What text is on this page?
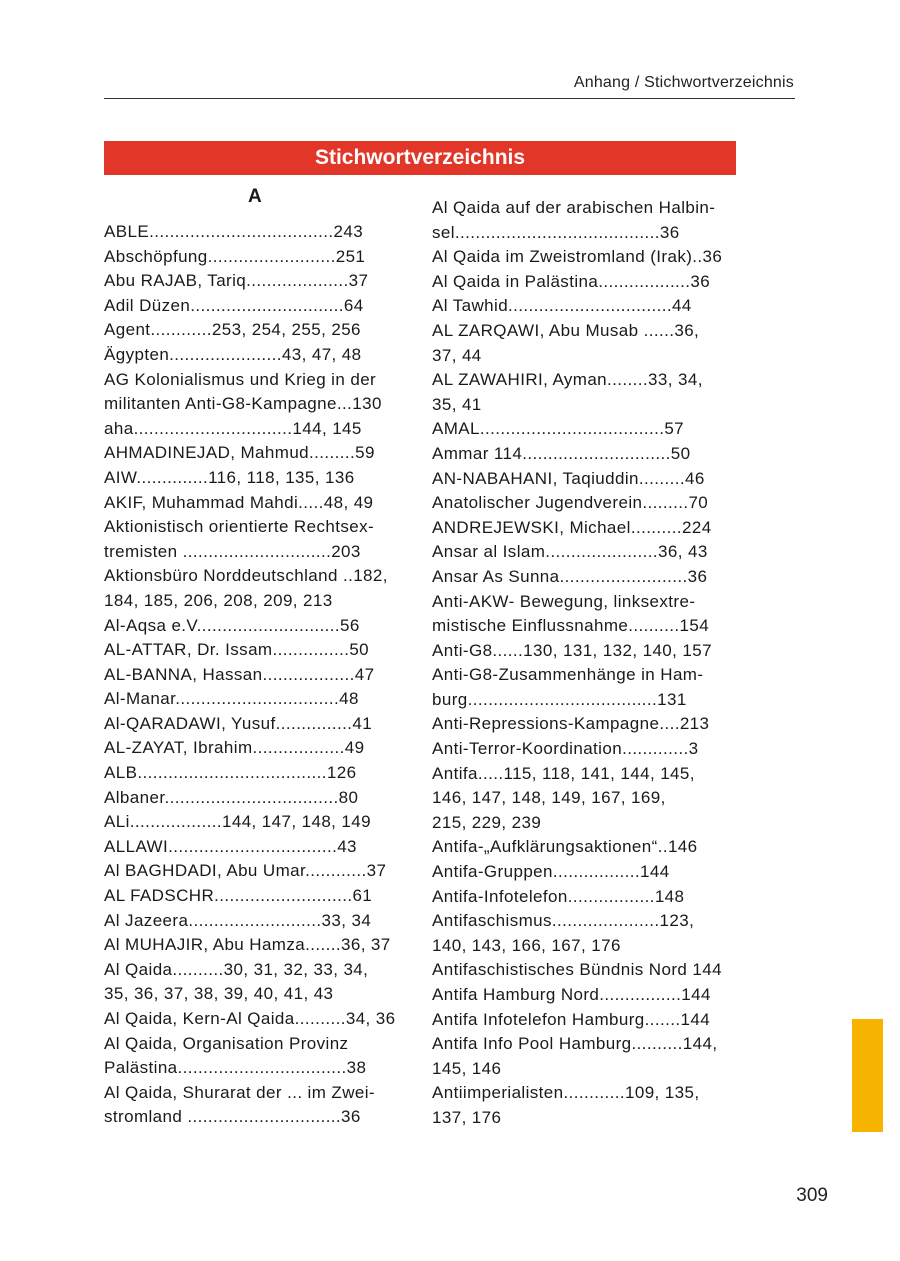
Anhang / Stichwortverzeichnis
Stichwortverzeichnis
A
ABLE....................................243
Abschöpfung.........................251
Abu RAJAB, Tariq....................37
Adil Düzen..............................64
Agent............253, 254, 255, 256
Ägypten......................43, 47, 48
AG Kolonialismus und Krieg in der
militanten Anti-G8-Kampagne...130
aha...............................144, 145
AHMADINEJAD, Mahmud.........59
AIW..............116, 118, 135, 136
AKIF, Muhammad Mahdi.....48, 49
Aktionistisch orientierte Rechtsex-
tremisten .............................203
Aktionsbüro Norddeutschland ..182,
184, 185, 206, 208, 209, 213
Al-Aqsa e.V............................56
AL-ATTAR, Dr. Issam...............50
AL-BANNA, Hassan..................47
Al-Manar................................48
Al-QARADAWI, Yusuf...............41
AL-ZAYAT, Ibrahim..................49
ALB.....................................126
Albaner..................................80
ALi..................144, 147, 148, 149
ALLAWI.................................43
Al BAGHDADI, Abu Umar............37
AL FADSCHR...........................61
Al Jazeera..........................33, 34
Al MUHAJIR, Abu Hamza.......36, 37
Al Qaida..........30, 31, 32, 33, 34,
35, 36, 37, 38, 39, 40, 41, 43
Al Qaida, Kern-Al Qaida..........34, 36
Al Qaida, Organisation Provinz
Palästina.................................38
Al Qaida, Shurarat der ... im Zwei-
stromland ..............................36
Al Qaida auf der arabischen Halbin-
sel........................................36
Al Qaida im Zweistromland (Irak)..36
Al Qaida in Palästina..................36
Al Tawhid................................44
AL ZARQAWI, Abu Musab ......36,
37, 44
AL ZAWAHIRI, Ayman........33, 34,
35, 41
AMAL....................................57
Ammar 114.............................50
AN-NABAHANI, Taqiuddin.........46
Anatolischer Jugendverein.........70
ANDREJEWSKI, Michael..........224
Ansar al Islam......................36, 43
Ansar As Sunna.........................36
Anti-AKW- Bewegung, linksextre-
mistische Einflussnahme..........154
Anti-G8......130, 131, 132, 140, 157
Anti-G8-Zusammenhänge in Ham-
burg.....................................131
Anti-Repressions-Kampagne....213
Anti-Terror-Koordination.............3
Antifa.....115, 118, 141, 144, 145,
146, 147, 148, 149, 167, 169,
215, 229, 239
Antifa-„Aufklärungsaktionen“..146
Antifa-Gruppen.................144
Antifa-Infotelefon.................148
Antifaschismus.....................123,
140, 143, 166, 167, 176
Antifaschistisches Bündnis Nord 144
Antifa Hamburg Nord................144
Antifa Infotelefon Hamburg.......144
Antifa Info Pool Hamburg..........144,
145, 146
Antiimperialisten............109, 135,
137, 176
309
